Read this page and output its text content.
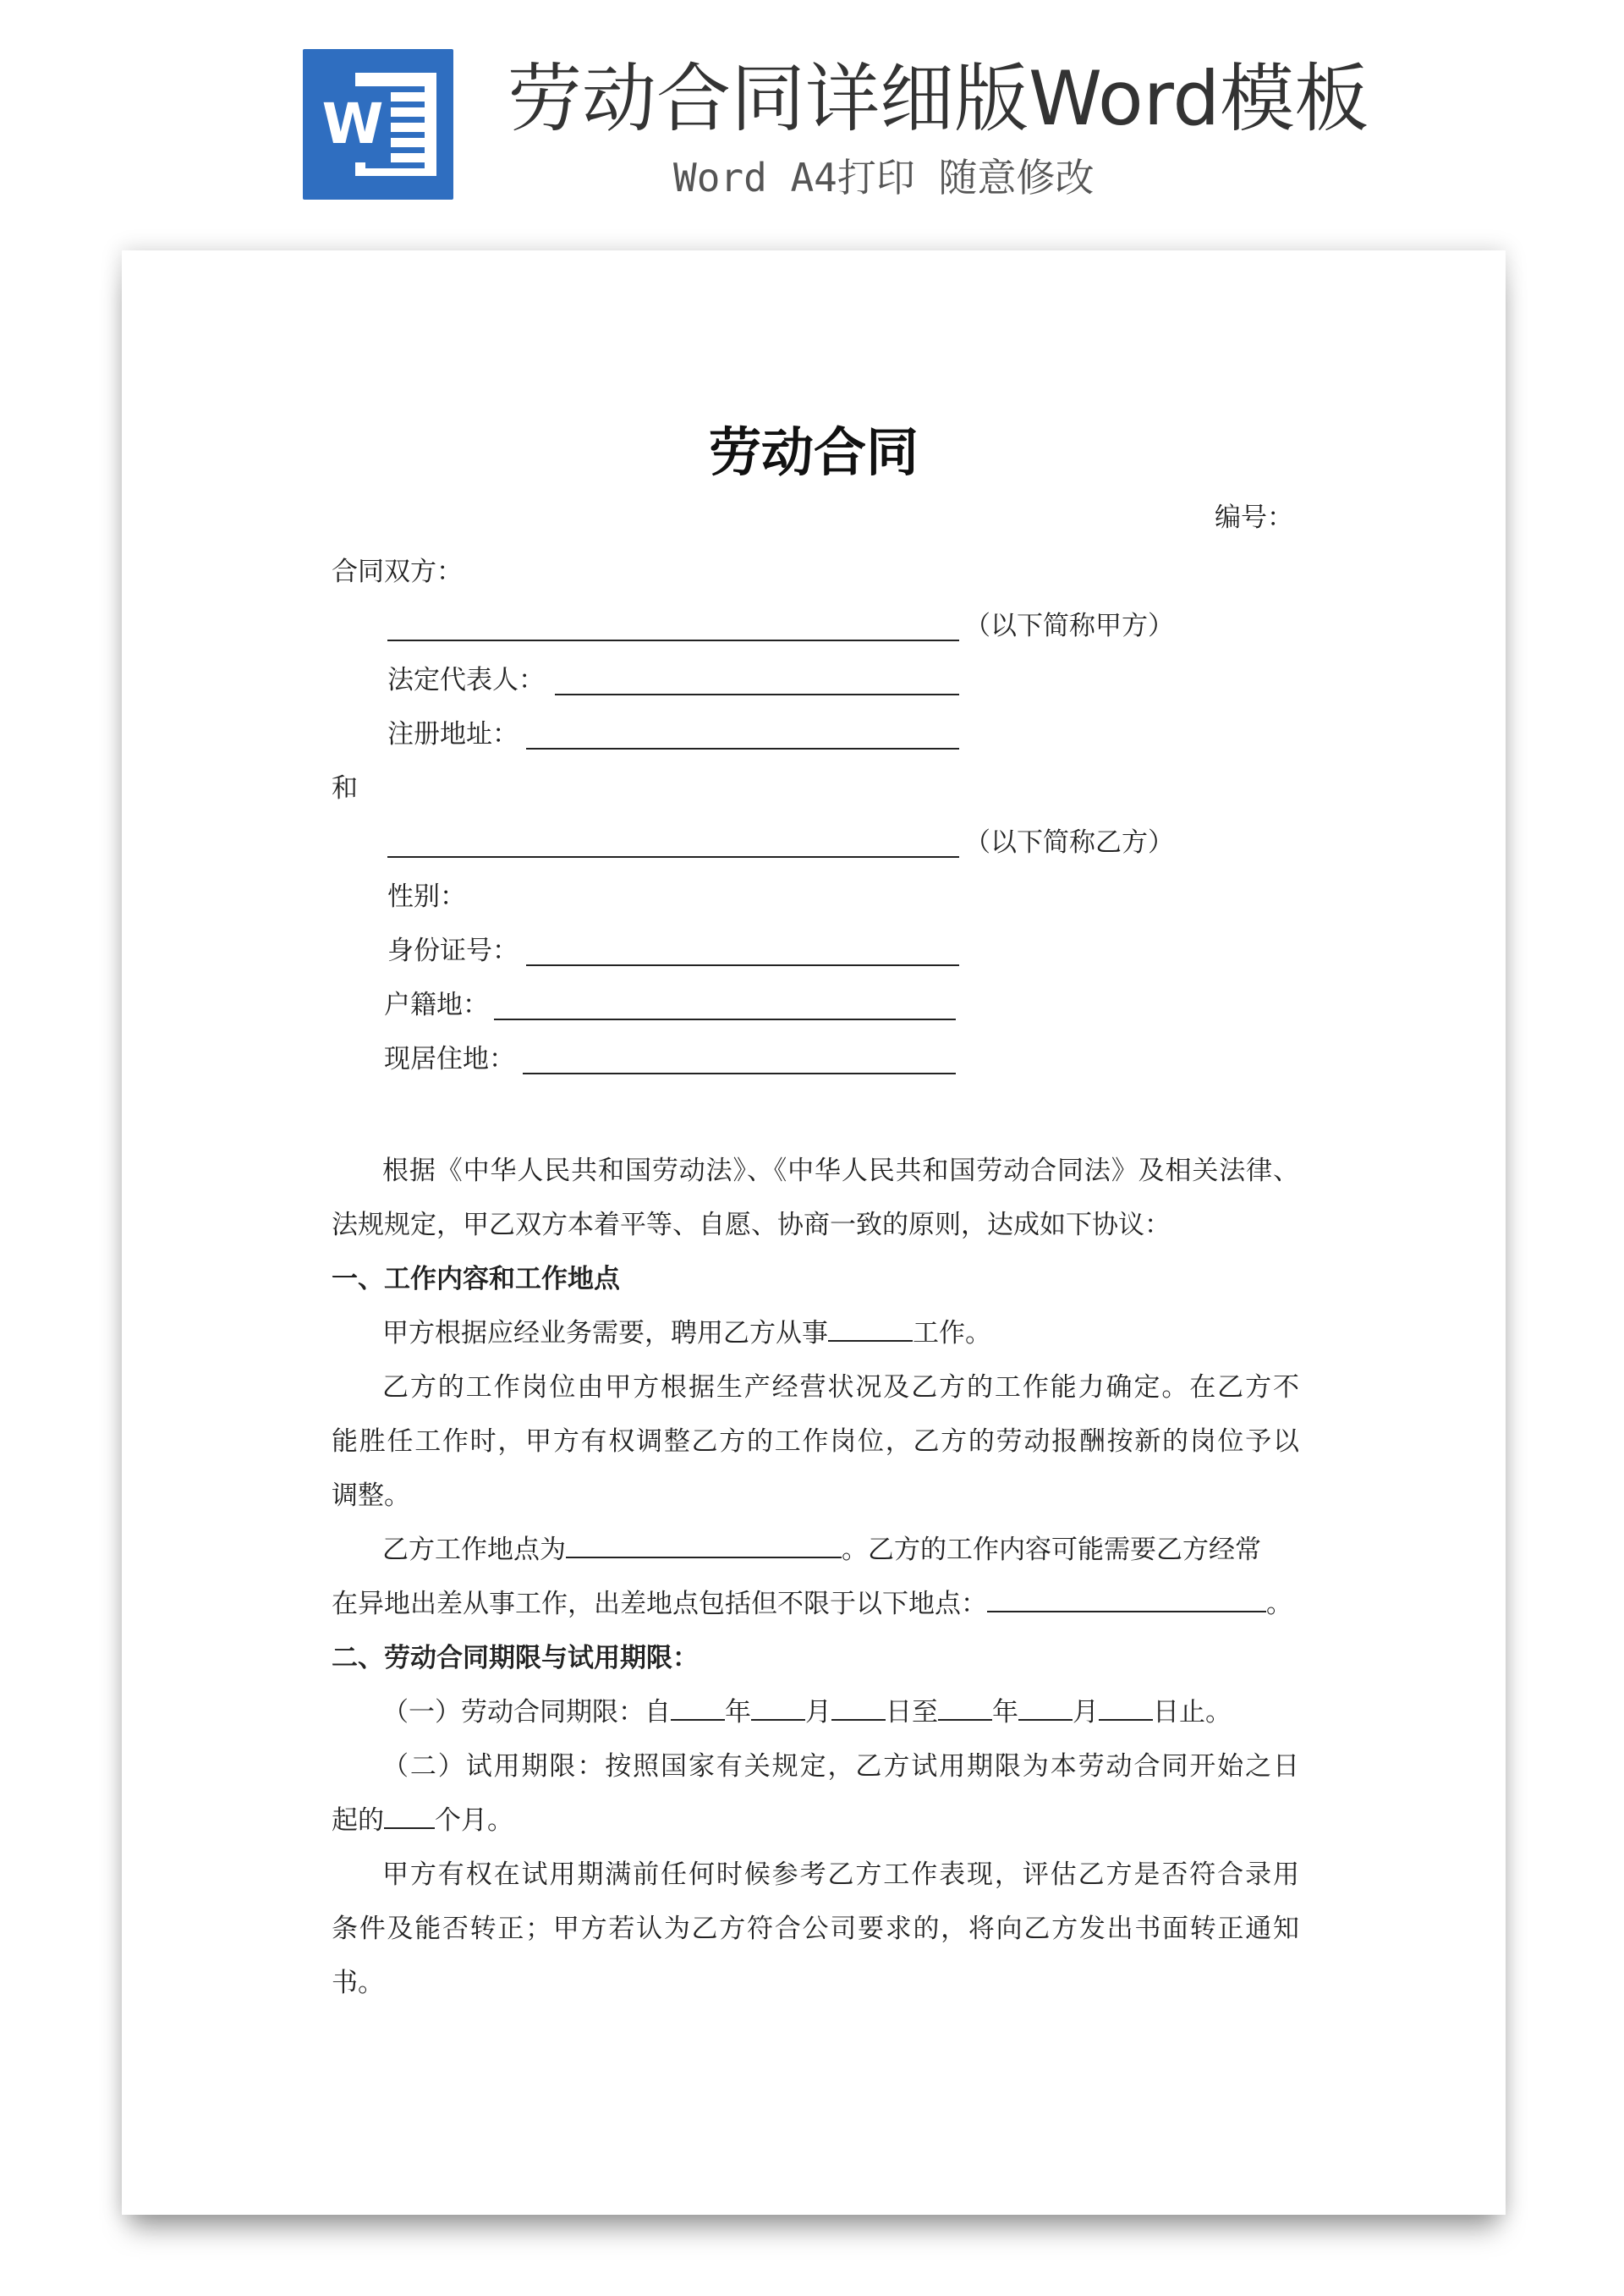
W 劳动合同详细版Word模板
Word A4打印 随意修改
劳动合同
编号：
合同双方：
（以下简称甲方）
法定代表人：
注册地址：
和
（以下简称乙方）
性别：
身份证号：
户籍地：
现居住地：
根据《中华人民共和国劳动法》、《中华人民共和国劳动合同法》及相关法律、
法规规定，甲乙双方本着平等、自愿、协商一致的原则，达成如下协议：
一、工作内容和工作地点
甲方根据应经业务需要，聘用乙方从事	工作。
乙方的工作岗位由甲方根据生产经营状况及乙方的工作能力确定。在乙方不
能胜任工作时，甲方有权调整乙方的工作岗位，乙方的劳动报酬按新的岗位予以
调整。
乙方工作地点为	。乙方的工作内容可能需要乙方经常
在异地出差从事工作，出差地点包括但不限于以下地点：	。
二、劳动合同期限与试用期限：
（一）劳动合同期限：自 年 月 日至 年 月 日止。
（二）试用期限：按照国家有关规定，乙方试用期限为本劳动合同开始之日
起的 个月。
甲方有权在试用期满前任何时候参考乙方工作表现，评估乙方是否符合录用
条件及能否转正；甲方若认为乙方符合公司要求的，将向乙方发出书面转正通知
书。
